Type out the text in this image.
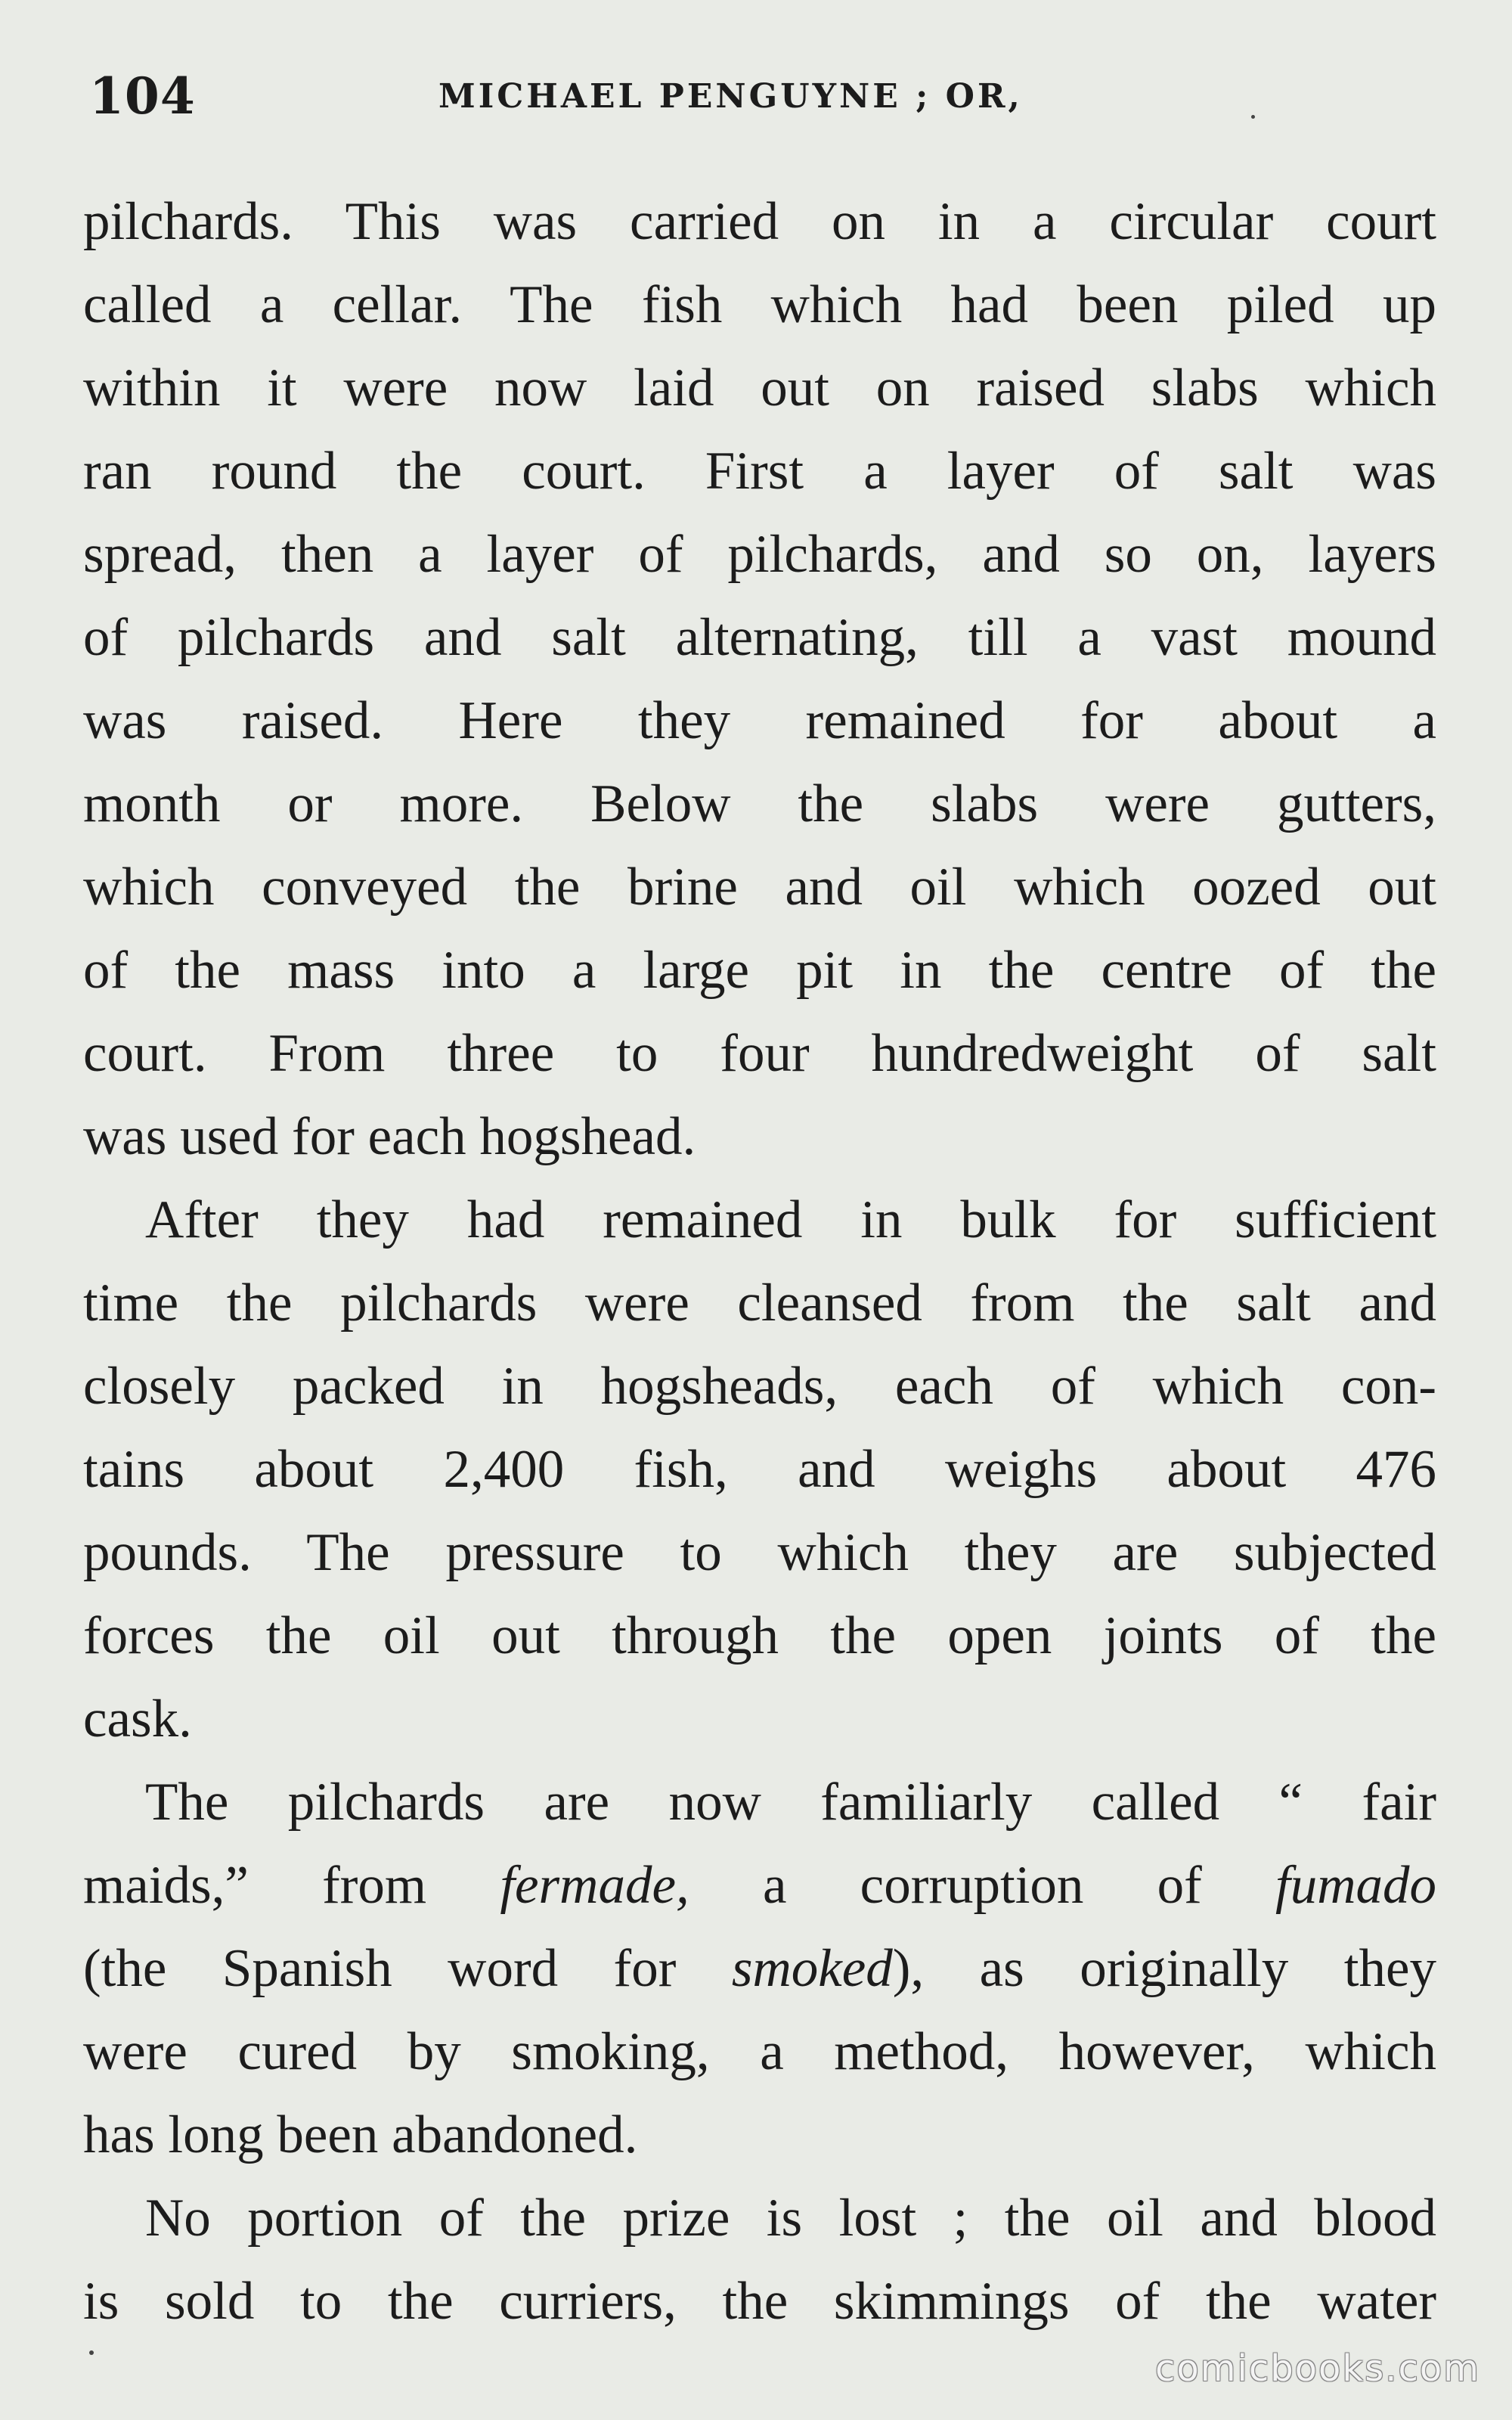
104	MICHAEL PENGUYNE ; OR,
pilchards. This was carried on in a circular court
called a cellar. The fish which had been piled up
within it were now laid out on raised slabs which
ran round the court. First a layer of salt was
spread, then a layer of pilchards, and so on, layers
of pilchards and salt alternating, till a vast mound
was raised. Here they remained for about a
month or more. Below the slabs were gutters,
which conveyed the brine and oil which oozed out
of the mass into a large pit in the centre of the
court. From three to four hundredweight of salt
was used for each hogshead.
After they had remained in bulk for sufficient
time the pilchards were cleansed from the salt and
closely packed in hogsheads, each of which con-
tains about 2,400 fish, and weighs about 476
pounds. The pressure to which they are subjected
forces the oil out through the open joints of the
cask.
The pilchards are now familiarly called “ fair
maids,” from fermade, a corruption of fumado
(the Spanish word for smoked), as originally they
were cured by smoking, a method, however, which
has long been abandoned.
No portion of the prize is lost ; the oil and blood
is sold to the curriers, the skimmings of the water
comicbooks.com
